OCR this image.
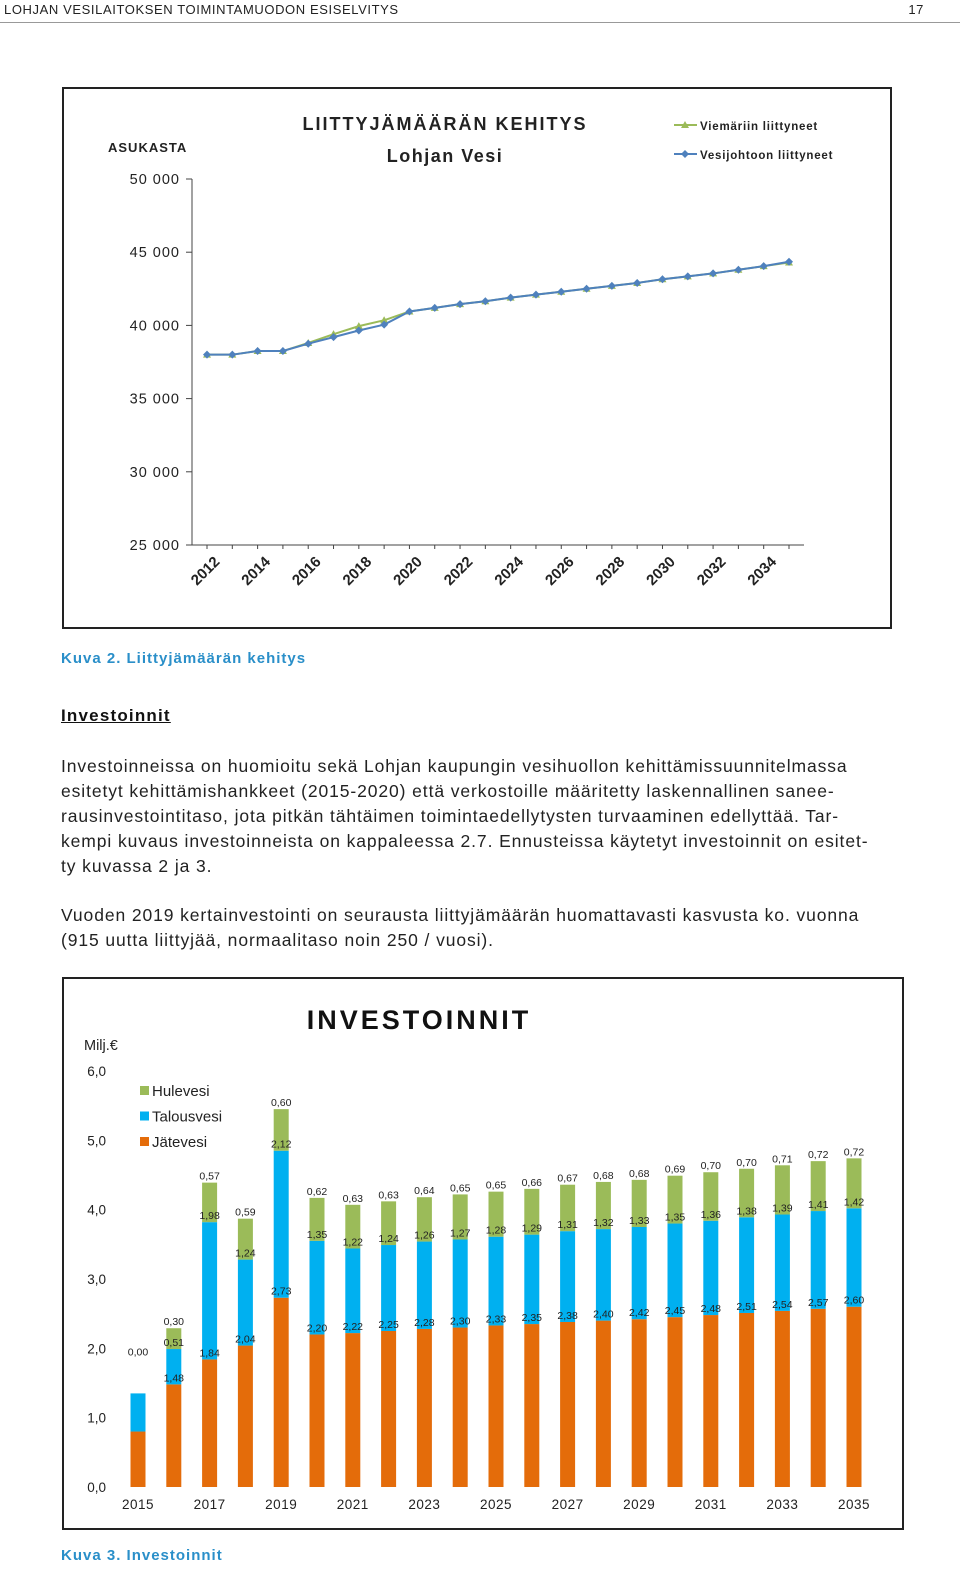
LOHJAN VESILAITOKSEN TOIMINTAMUODON ESISELVITYS	17
ASUKASTA
LIITTYJÄMÄÄRÄN KEHITYS
Lohjan Vesi
50 000
45 000
40 000
35 000
30 000
25 000
2012 2014 2016 2018 2020 2022 2024 2026 2028 2030 2032 2034
Viemäriin liittyneet
Vesijohtoon liittyneet
Kuva 2. Liittyjämäärän kehitys
Investoinnit
Investoinneissa on huomioitu sekä Lohjan kaupungin vesihuollon kehittämissuunnitelmassa
esitetyt kehittämishankkeet (2015-2020) että verkostoille määritetty laskennallinen sanee-
rausinvestointitaso, jota pitkän tähtäimen toimintaedellytysten turvaaminen edellyttää. Tar-
kempi kuvaus investoinneista on kappaleessa 2.7. Ennusteissa käytetyt investoinnit on esitet-
ty kuvassa 2 ja 3.
Vuoden 2019 kertainvestointi on seurausta liittyjämäärän huomattavasti kasvusta ko. vuonna
(915 uutta liittyjää, normaalitaso noin 250 / vuosi).
INVESTOINNIT
Milj.€
6,0
5,0
4,0
3,0
2,0
1,0
0,0
0,00
1,48
0,51
0,30
1,84
1,98
0,57
2,04
1,24
0,59
2,73
2,12
0,60
2,20
1,35
0,62
2,22
1,22
0,63
2,25
1,24
0,63
2,28
1,26
0,64
2,30
1,27
0,65
2,33
1,28
0,65
2,35
1,29
0,66
2,38
1,31
0,67
2,40
1,32
0,68
2,42
1,33
0,68
2,45
1,35
0,69
2,48
1,36
0,70
2,51
1,38
0,70
2,54
1,39
0,71
2,57
1,41
0,72
2,60
1,42
0,72
2015	2017	2019	2021	2023	2025	2027	2029	2031	2033	2035
Hulevesi
Talousvesi
Jätevesi
Kuva 3. Investoinnit
